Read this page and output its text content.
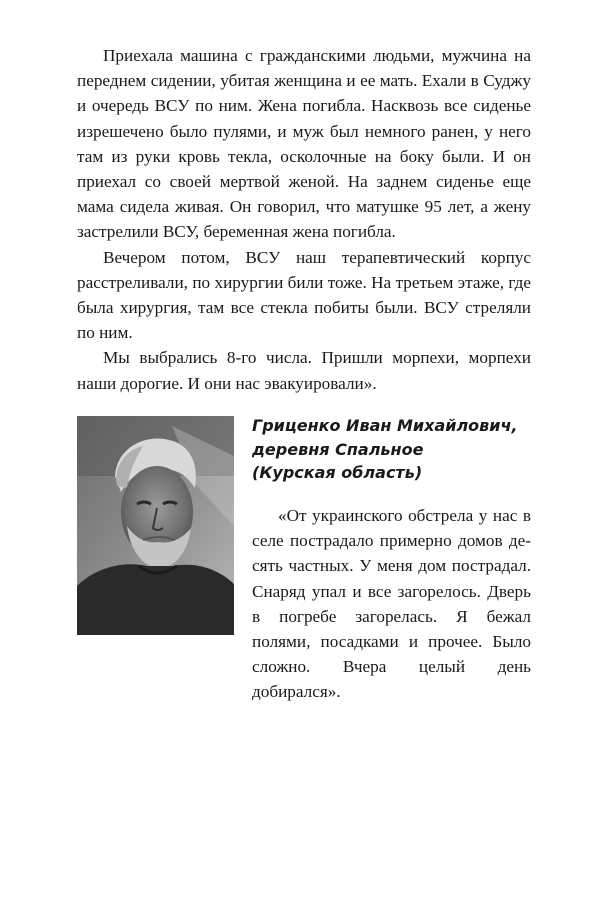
Приехала машина с гражданскими людьми, мужчина на переднем сидении, убитая женщина и ее мать. Ехали в Суджу и очередь ВСУ по ним. Жена погибла. Насквозь все сиденье изрешечено было пулями, и муж был немного ранен, у него там из руки кровь текла, осколочные на боку были. И он приехал со своей мертвой женой. На заднем сиденье еще мама сидела живая. Он говорил, что матушке 95 лет, а жену застрелили ВСУ, беременная жена погибла.

Вечером потом, ВСУ наш терапевтический корпус расстреливали, по хирургии били тоже. На третьем этаже, где была хирургия, там все стекла побиты были. ВСУ стреляли по ним.

Мы выбрались 8-го числа. Пришли морпехи, морпехи наши дорогие. И они нас эвакуировали».

Гриценко Иван Михайлович,
деревня Спальное
(Курская область)

«От украинского обстрела у нас в селе пострадало примерно домов десять частных. У меня дом пострадал. Снаряд упал и все загорелось. Дверь в погребе загорелась. Я бежал полями, посадками и прочее. Было сложно. Вчера целый день добирался».
